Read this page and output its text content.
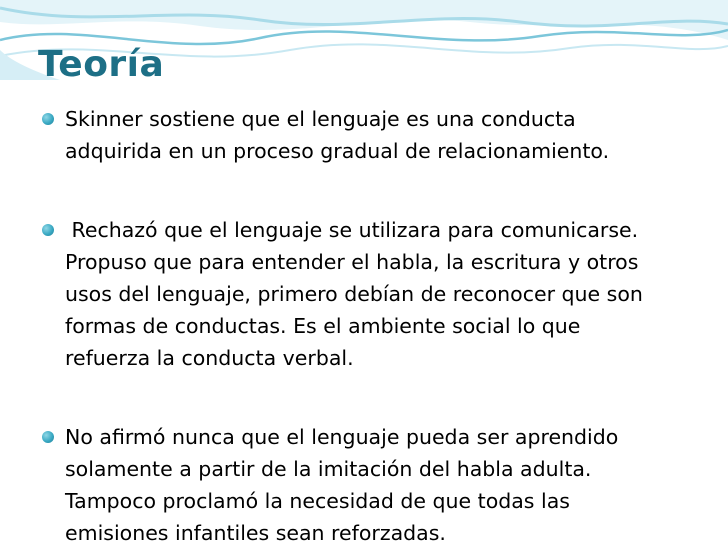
Teoría
Skinner sostiene que el lenguaje es una conducta
adquirida en un proceso gradual de relacionamiento.
Rechazó que el lenguaje se utilizara para comunicarse.
Propuso que para entender el habla, la escritura y otros
usos del lenguaje, primero debían de reconocer que son
formas de conductas. Es el ambiente social lo que
refuerza la conducta verbal.
No afirmó nunca que el lenguaje pueda ser aprendido
solamente a partir de la imitación del habla adulta.
Tampoco proclamó la necesidad de que todas las
emisiones infantiles sean reforzadas.
